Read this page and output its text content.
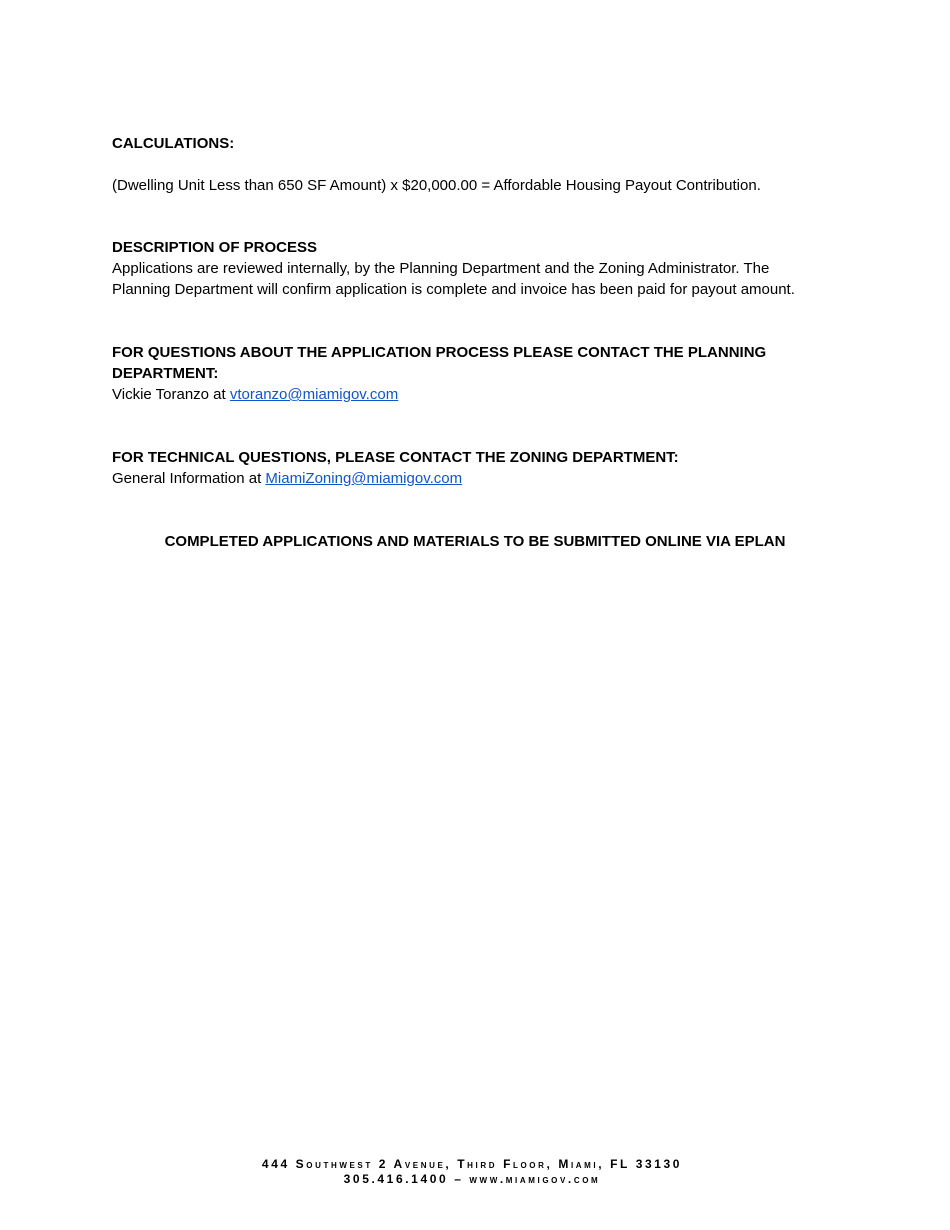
CALCULATIONS:

(Dwelling Unit Less than 650 SF Amount) x $20,000.00 = Affordable Housing Payout Contribution.

DESCRIPTION OF PROCESS

Applications are reviewed internally, by the Planning Department and the Zoning Administrator. The

Planning Department will confirm application is complete and invoice has been paid for payout amount.

FOR QUESTIONS ABOUT THE APPLICATION PROCESS PLEASE CONTACT THE PLANNING DEPARTMENT:

Vickie Toranzo at vtoranzo@miamigov.com

FOR TECHNICAL QUESTIONS, PLEASE CONTACT THE ZONING DEPARTMENT:

General Information at MiamiZoning@miamigov.com

COMPLETED APPLICATIONS AND MATERIALS TO BE SUBMITTED ONLINE VIA EPLAN

444 Southwest 2 Avenue, Third Floor, Miami, FL 33130
305.416.1400 – www.miamigov.com
